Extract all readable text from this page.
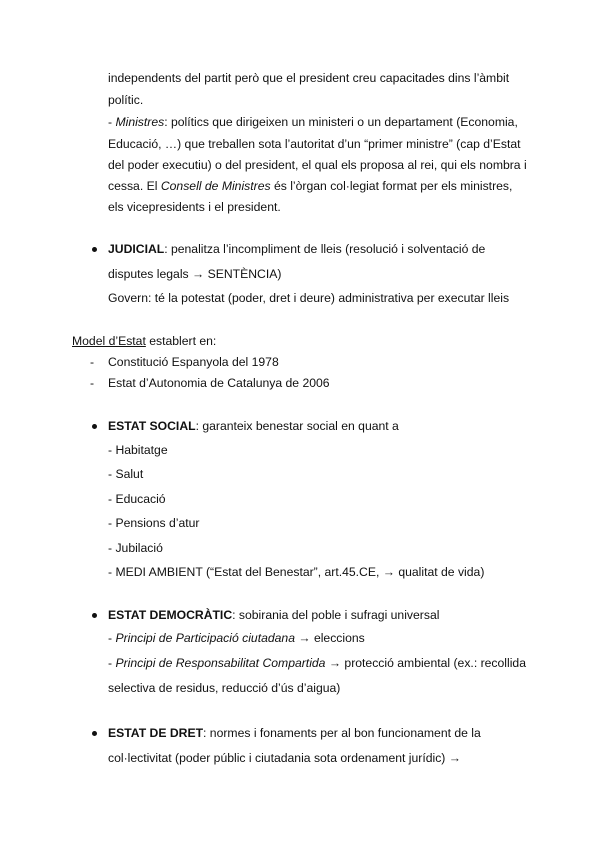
independents del partit però que el president creu capacitades dins l’àmbit
polític.
- Ministres: polítics que dirigeixen un ministeri o un departament (Economia,
Educació, …) que treballen sota l’autoritat d’un “primer ministre” (cap d’Estat
del poder executiu) o del president, el qual els proposa al rei, qui els nombra i
cessa. El Consell de Ministres és l’òrgan col·legiat format per els ministres,
els vicepresidents i el president.
JUDICIAL: penalitza l’incompliment de lleis (resolució i solventació de
disputes legals → SENTÈNCIA)
Govern: té la potestat (poder, dret i deure) administrativa per executar lleis
Model d’Estat establert en:
- Constitució Espanyola del 1978
- Estat d’Autonomia de Catalunya de 2006
ESTAT SOCIAL: garanteix benestar social en quant a
- Habitatge
- Salut
- Educació
- Pensions d’atur
- Jubilació
- MEDI AMBIENT (“Estat del Benestar”, art.45.CE, → qualitat de vida)
ESTAT DEMOCRÀTIC: sobirania del poble i sufragi universal
- Principi de Participació ciutadana → eleccions
- Principi de Responsabilitat Compartida → protecció ambiental (ex.: recollida
selectiva de residus, reducció d’ús d’aigua)
ESTAT DE DRET: normes i fonaments per al bon funcionament de la
col·lectivitat (poder públic i ciutadania sota ordenament jurídic) →
